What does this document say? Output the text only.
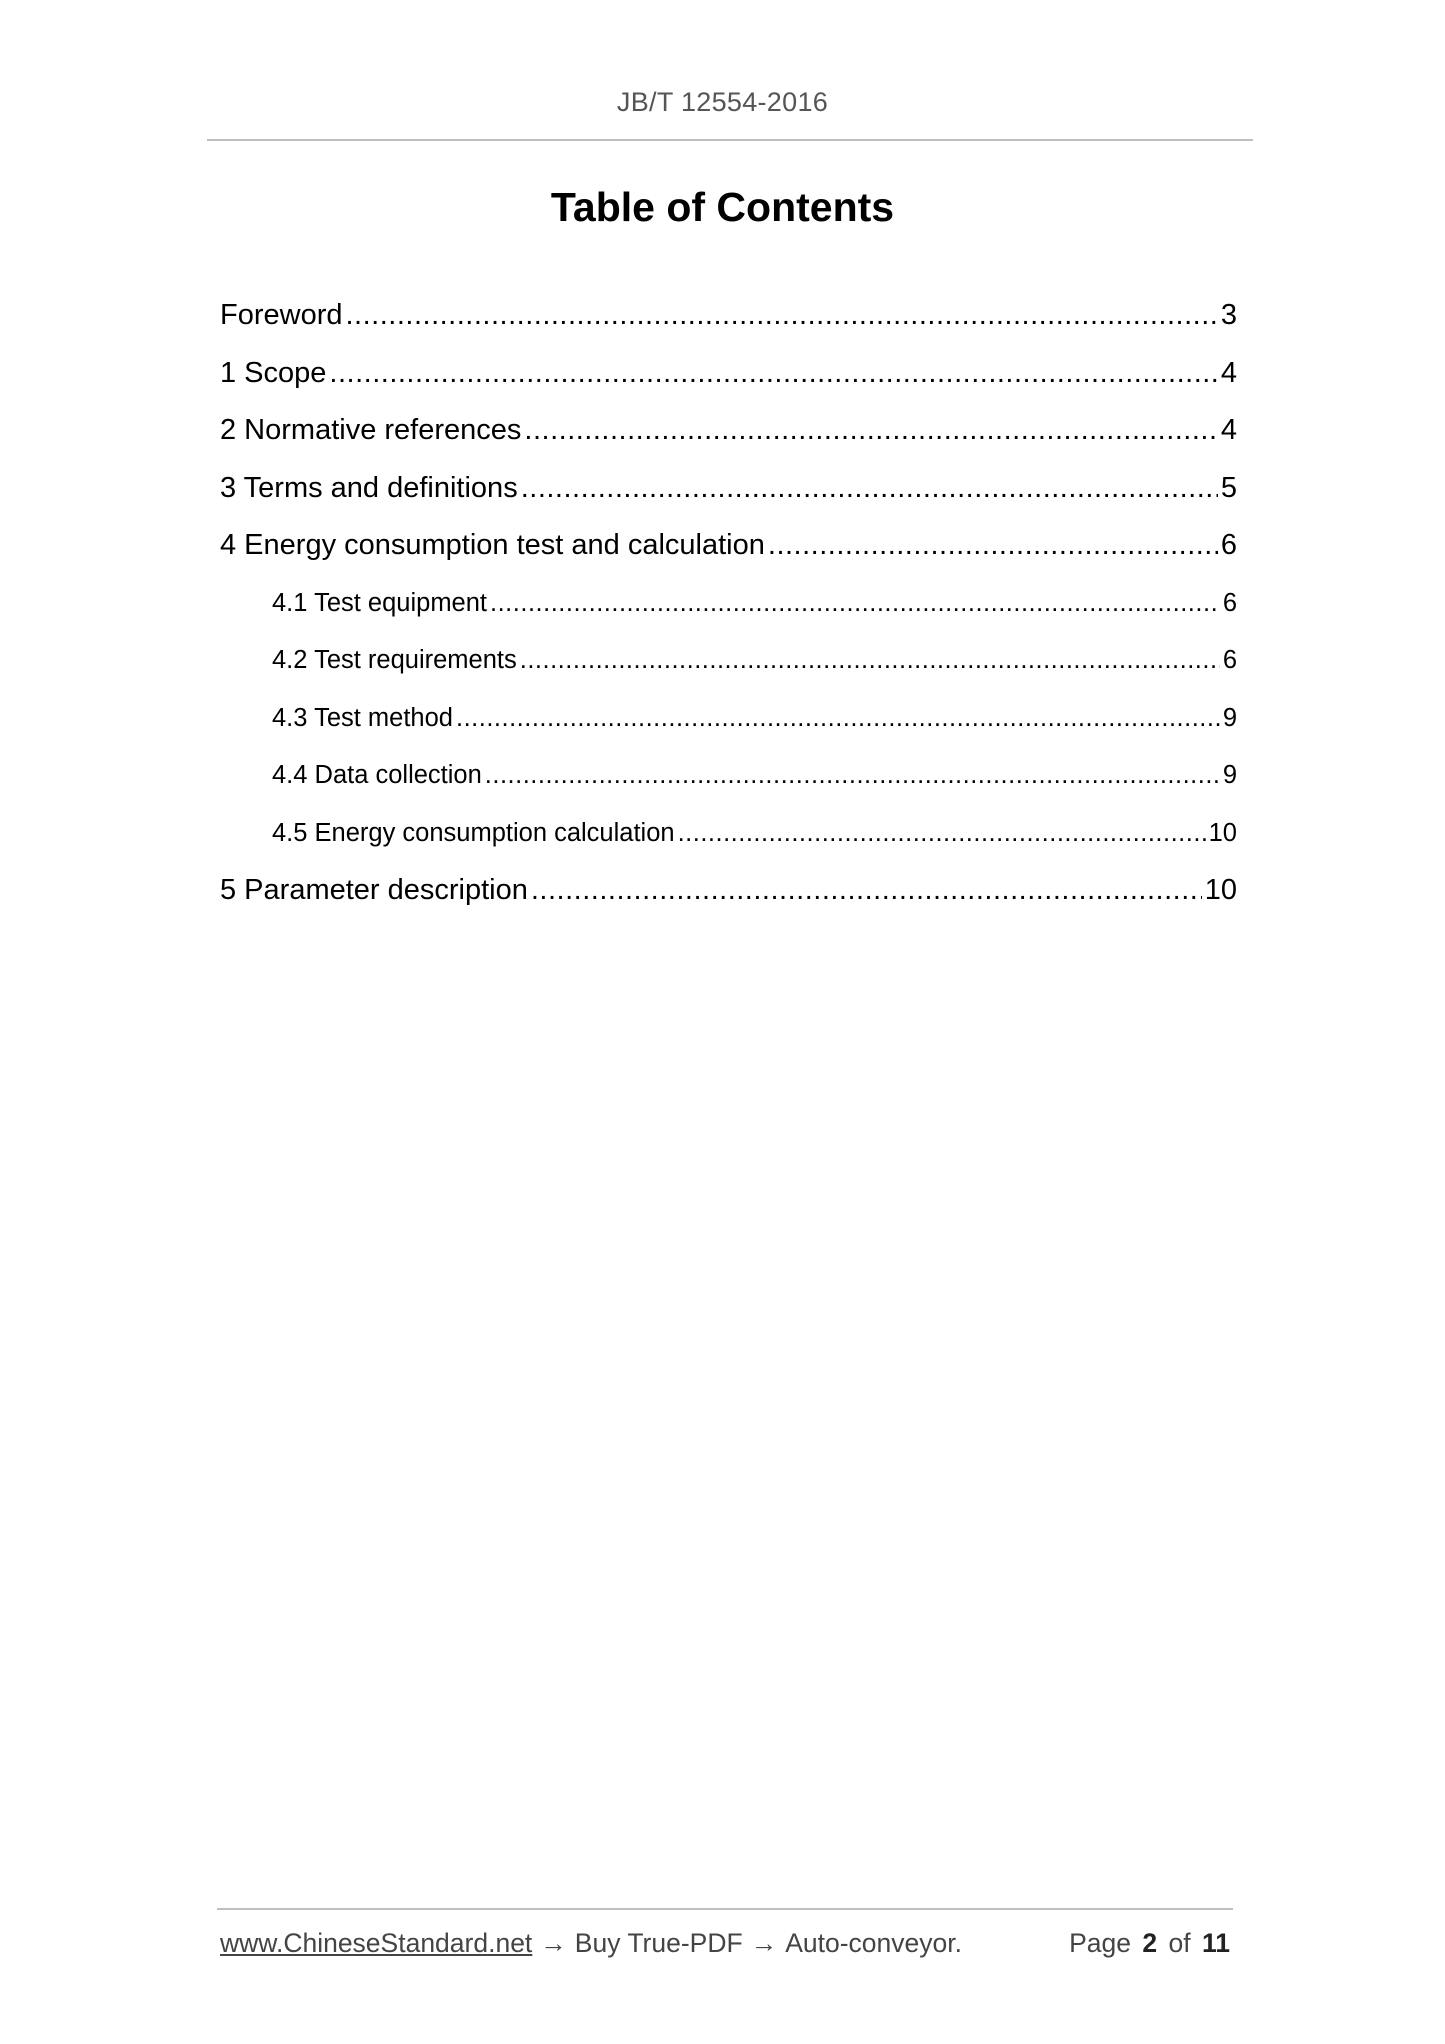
JB/T 12554-2016
Table of Contents
Foreword .....	3
1 Scope .....	4
2 Normative references .....	4
3 Terms and definitions .....	5
4 Energy consumption test and calculation .....	6
4.1 Test equipment .....	6
4.2 Test requirements .....	6
4.3 Test method .....	9
4.4 Data collection .....	9
4.5 Energy consumption calculation .....	10
5 Parameter description .....	10
www.ChineseStandard.net → Buy True-PDF → Auto-conveyor.	Page 2 of 11
